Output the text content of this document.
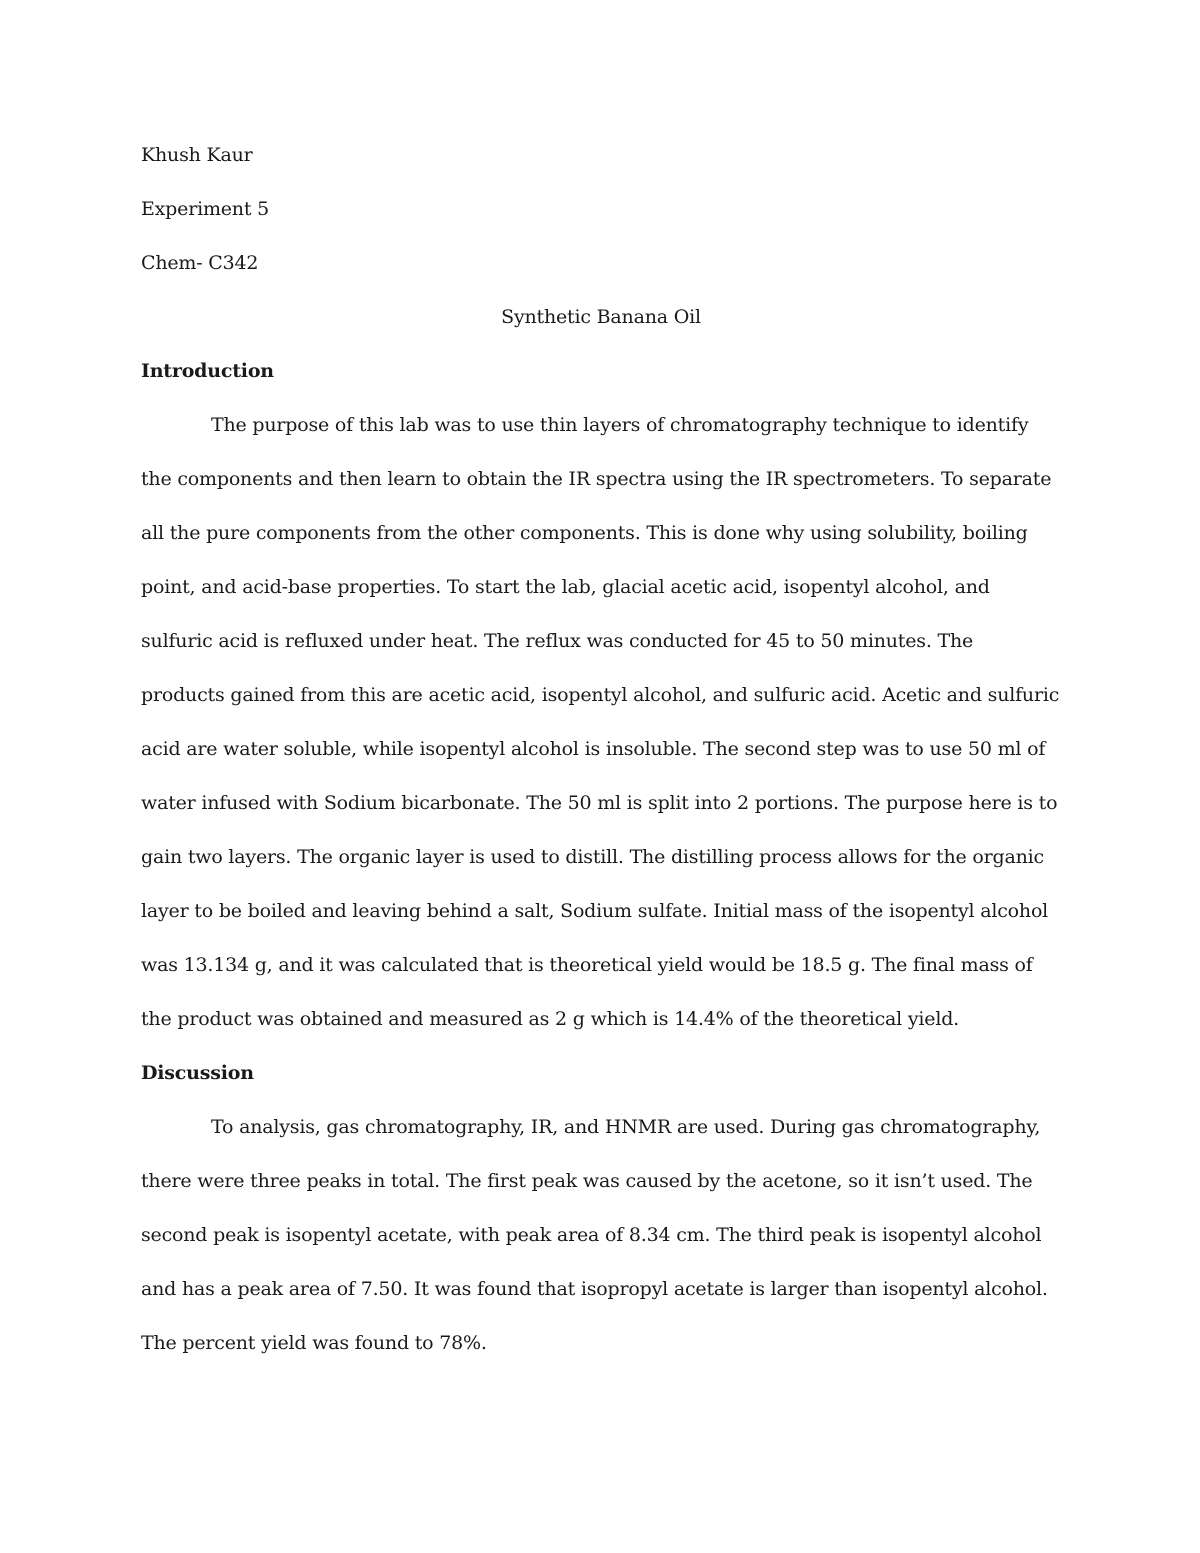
Khush Kaur
Experiment 5
Chem- C342
Synthetic Banana Oil
Introduction

The purpose of this lab was to use thin layers of chromatography technique to identify the components and then learn to obtain the IR spectra using the IR spectrometers. To separate all the pure components from the other components. This is done why using solubility, boiling point, and acid-base properties. To start the lab, glacial acetic acid, isopentyl alcohol, and sulfuric acid is refluxed under heat. The reflux was conducted for 45 to 50 minutes. The products gained from this are acetic acid, isopentyl alcohol, and sulfuric acid. Acetic and sulfuric acid are water soluble, while isopentyl alcohol is insoluble. The second step was to use 50 ml of water infused with Sodium bicarbonate. The 50 ml is split into 2 portions. The purpose here is to gain two layers. The organic layer is used to distill. The distilling process allows for the organic layer to be boiled and leaving behind a salt, Sodium sulfate. Initial mass of the isopentyl alcohol was 13.134 g, and it was calculated that is theoretical yield would be 18.5 g. The final mass of the product was obtained and measured as 2 g which is 14.4% of the theoretical yield.

Discussion

To analysis, gas chromatography, IR, and HNMR are used. During gas chromatography, there were three peaks in total. The first peak was caused by the acetone, so it isn’t used. The second peak is isopentyl acetate, with peak area of 8.34 cm. The third peak is isopentyl alcohol and has a peak area of 7.50. It was found that isopropyl acetate is larger than isopentyl alcohol. The percent yield was found to 78%.
